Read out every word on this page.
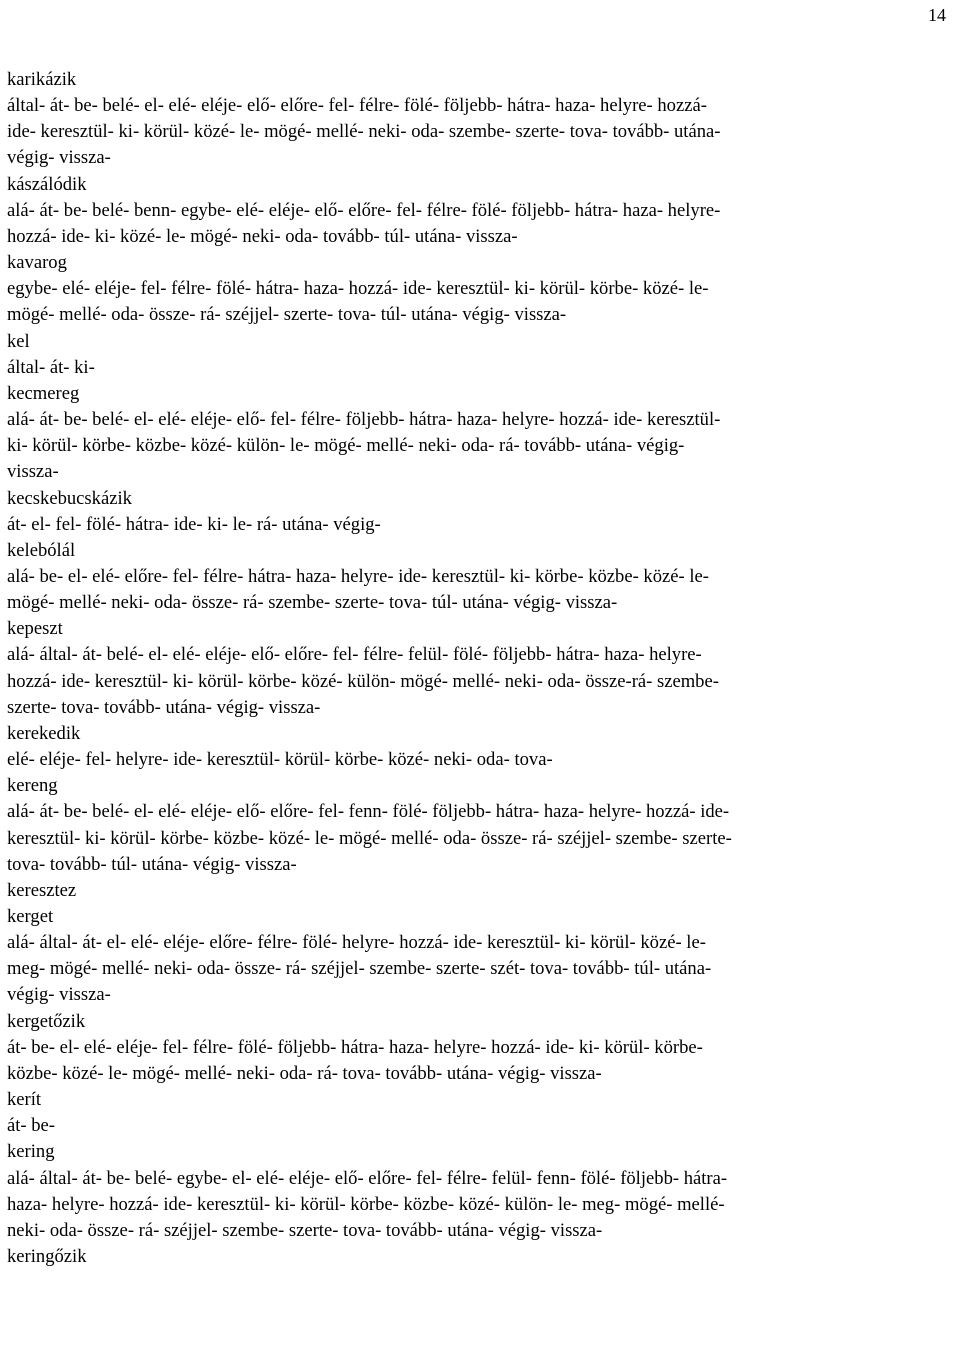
14
karikázik
által- át- be- belé- el- elé- eléje- elő- előre- fel- félre- fölé- följebb- hátra- haza- helyre- hozzá-
ide- keresztül- ki- körül- közé- le- mögé- mellé- neki- oda- szembe- szerte- tova- tovább- utána-
végig- vissza-
kászálódik
alá- át- be- belé- benn- egybe- elé- eléje- elő- előre- fel- félre- fölé- följebb- hátra- haza- helyre-
hozzá- ide- ki- közé- le- mögé- neki- oda- tovább- túl- utána- vissza-
kavarog
egybe- elé- eléje- fel- félre- fölé- hátra- haza- hozzá- ide- keresztül- ki- körül- körbe- közé- le-
mögé- mellé- oda- össze- rá- széjjel- szerte- tova- túl- utána- végig- vissza-
kel
által- át- ki-
kecmereg
alá- át- be- belé- el- elé- eléje- elő- fel- félre- följebb- hátra- haza- helyre- hozzá- ide- keresztül-
ki- körül- körbe- közbe- közé- külön- le- mögé- mellé- neki- oda- rá- tovább- utána- végig-
vissza-
kecskebucskázik
át- el- fel- fölé- hátra- ide- ki- le- rá- utána- végig-
kelebólál
alá- be- el- elé- előre- fel- félre- hátra- haza- helyre- ide- keresztül- ki- körbe- közbe- közé- le-
mögé- mellé- neki- oda- össze- rá- szembe- szerte- tova- túl- utána- végig- vissza-
kepeszt
alá- által- át- belé- el- elé- eléje- elő- előre- fel- félre- felül- fölé- följebb- hátra- haza- helyre-
hozzá- ide- keresztül- ki- körül- körbe- közé- külön- mögé- mellé- neki- oda- össze-rá- szembe-
szerte- tova- tovább- utána- végig- vissza-
kerekedik
elé- eléje- fel- helyre- ide- keresztül- körül- körbe- közé- neki- oda- tova-
kereng
alá- át- be- belé- el- elé- eléje- elő- előre- fel- fenn- fölé- följebb- hátra- haza- helyre- hozzá- ide-
keresztül- ki- körül- körbe- közbe- közé- le- mögé- mellé- oda- össze- rá- széjjel- szembe- szerte-
tova- tovább- túl- utána- végig- vissza-
keresztez
kerget
alá- által- át- el- elé- eléje- előre- félre- fölé- helyre- hozzá- ide- keresztül- ki- körül- közé- le-
meg- mögé- mellé- neki- oda- össze- rá- széjjel- szembe- szerte- szét- tova- tovább- túl- utána-
végig- vissza-
kergetőzik
át- be- el- elé- eléje- fel- félre- fölé- följebb- hátra- haza- helyre- hozzá- ide- ki- körül- körbe-
közbe- közé- le- mögé- mellé- neki- oda- rá- tova- tovább- utána- végig- vissza-
kerít
át- be-
kering
alá- által- át- be- belé- egybe- el- elé- eléje- elő- előre- fel- félre- felül- fenn- fölé- följebb- hátra-
haza- helyre- hozzá- ide- keresztül- ki- körül- körbe- közbe- közé- külön- le- meg- mögé- mellé-
neki- oda- össze- rá- széjjel- szembe- szerte- tova- tovább- utána- végig- vissza-
keringőzik
